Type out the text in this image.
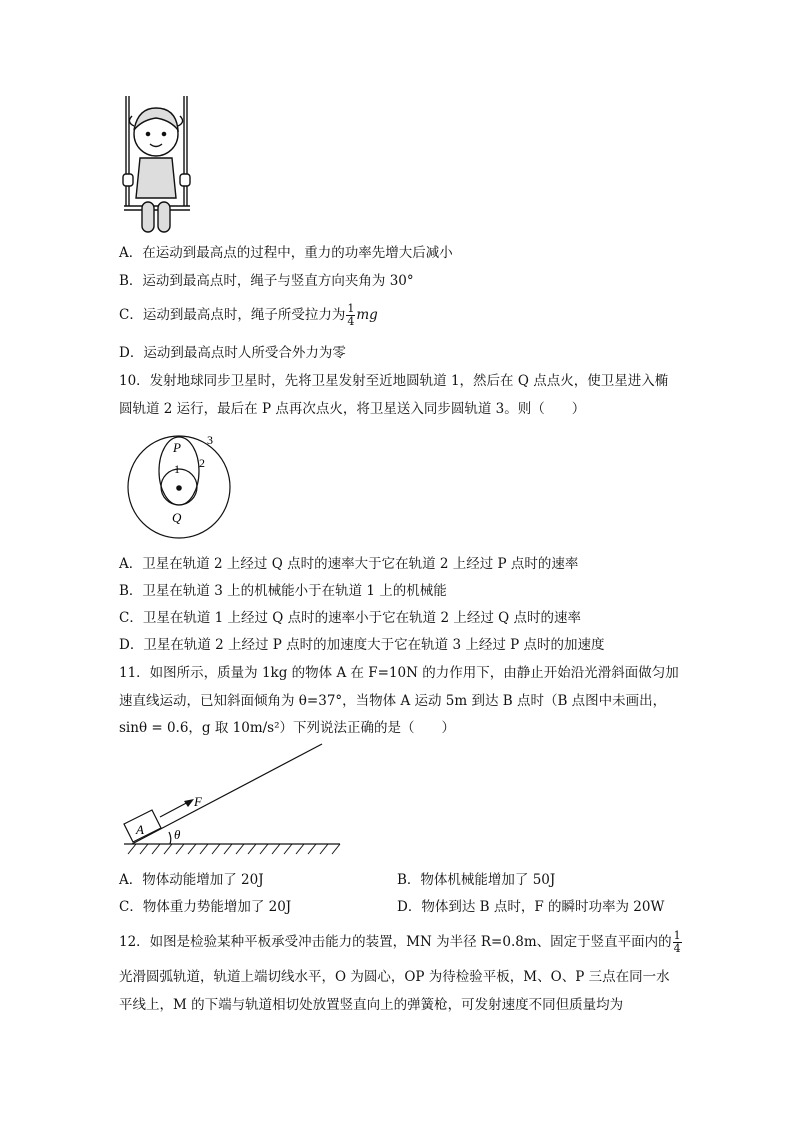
A．在运动到最高点的过程中，重力的功率先增大后减小
B．运动到最高点时，绳子与竖直方向夹角为 30°
C．运动到最高点时，绳子所受拉力为 $\frac{1}{4}$ mg
D．运动到最高点时人所受合外力为零
10．发射地球同步卫星时，先将卫星发射至近地圆轨道 1，然后在 Q 点点火，使卫星进入椭
圆轨道 2 运行，最后在 P 点再次点火，将卫星送入同步圆轨道 3。则（　　）
P 3
1 2
Q
A．卫星在轨道 2 上经过 Q 点时的速率大于它在轨道 2 上经过 P 点时的速率
B．卫星在轨道 3 上的机械能小于在轨道 1 上的机械能
C．卫星在轨道 1 上经过 Q 点时的速率小于它在轨道 2 上经过 Q 点时的速率
D．卫星在轨道 2 上经过 P 点时的加速度大于它在轨道 3 上经过 P 点时的加速度
11．如图所示，质量为 1kg 的物体 A 在 F=10N 的力作用下，由静止开始沿光滑斜面做匀加
速直线运动，已知斜面倾角为 θ=37°，当物体 A 运动 5m 到达 B 点时（B 点图中未画出，
sinθ = 0.6，g 取 10m/s²）下列说法正确的是（　　）
A
F
θ
A．物体动能增加了 20J	B．物体机械能增加了 50J
C．物体重力势能增加了 20J	D．物体到达 B 点时，F 的瞬时功率为 20W
12．如图是检验某种平板承受冲击能力的装置，MN 为半径 R=0.8m、固定于竖直平面内的 $\frac{1}{4}$
光滑圆弧轨道，轨道上端切线水平，O 为圆心，OP 为待检验平板，M、O、P 三点在同一水
平线上，M 的下端与轨道相切处放置竖直向上的弹簧枪，可发射速度不同但质量均为
